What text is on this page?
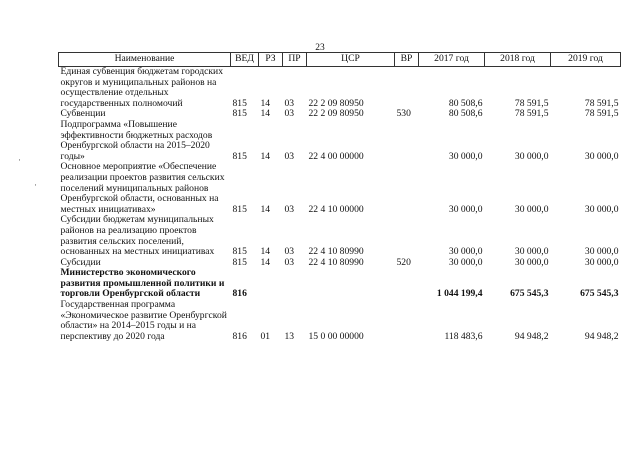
23
·
·
Наименование	ВЕД	РЗ	ПР	ЦСР	ВР	2017 год	2018 год	2019 год
Единая субвенция бюджетам городских округов и муниципальных районов на осуществление отдельных государственных полномочий	815	14	03	22 2 09 80950		80 508,6	78 591,5	78 591,5
Субвенции	815	14	03	22 2 09 80950	530	80 508,6	78 591,5	78 591,5
Подпрограмма «Повышение эффективности бюджетных расходов Оренбургской области на 2015–2020 годы»	815	14	03	22 4 00 00000		30 000,0	30 000,0	30 000,0
Основное мероприятие «Обеспечение реализации проектов развития сельских поселений муниципальных районов Оренбургской области, основанных на местных инициативах»	815	14	03	22 4 10 00000		30 000,0	30 000,0	30 000,0
Субсидии бюджетам муниципальных районов на реализацию проектов развития сельских поселений, основанных на местных инициативах	815	14	03	22 4 10 80990		30 000,0	30 000,0	30 000,0
Субсидии	815	14	03	22 4 10 80990	520	30 000,0	30 000,0	30 000,0
Министерство экономического развития промышленной политики и торговли Оренбургской области	816					1 044 199,4	675 545,3	675 545,3
Государственная программа «Экономическое развитие Оренбургской области» на 2014–2015 годы и на перспективу до 2020 года	816	01	13	15 0 00 00000		118 483,6	94 948,2	94 948,2
